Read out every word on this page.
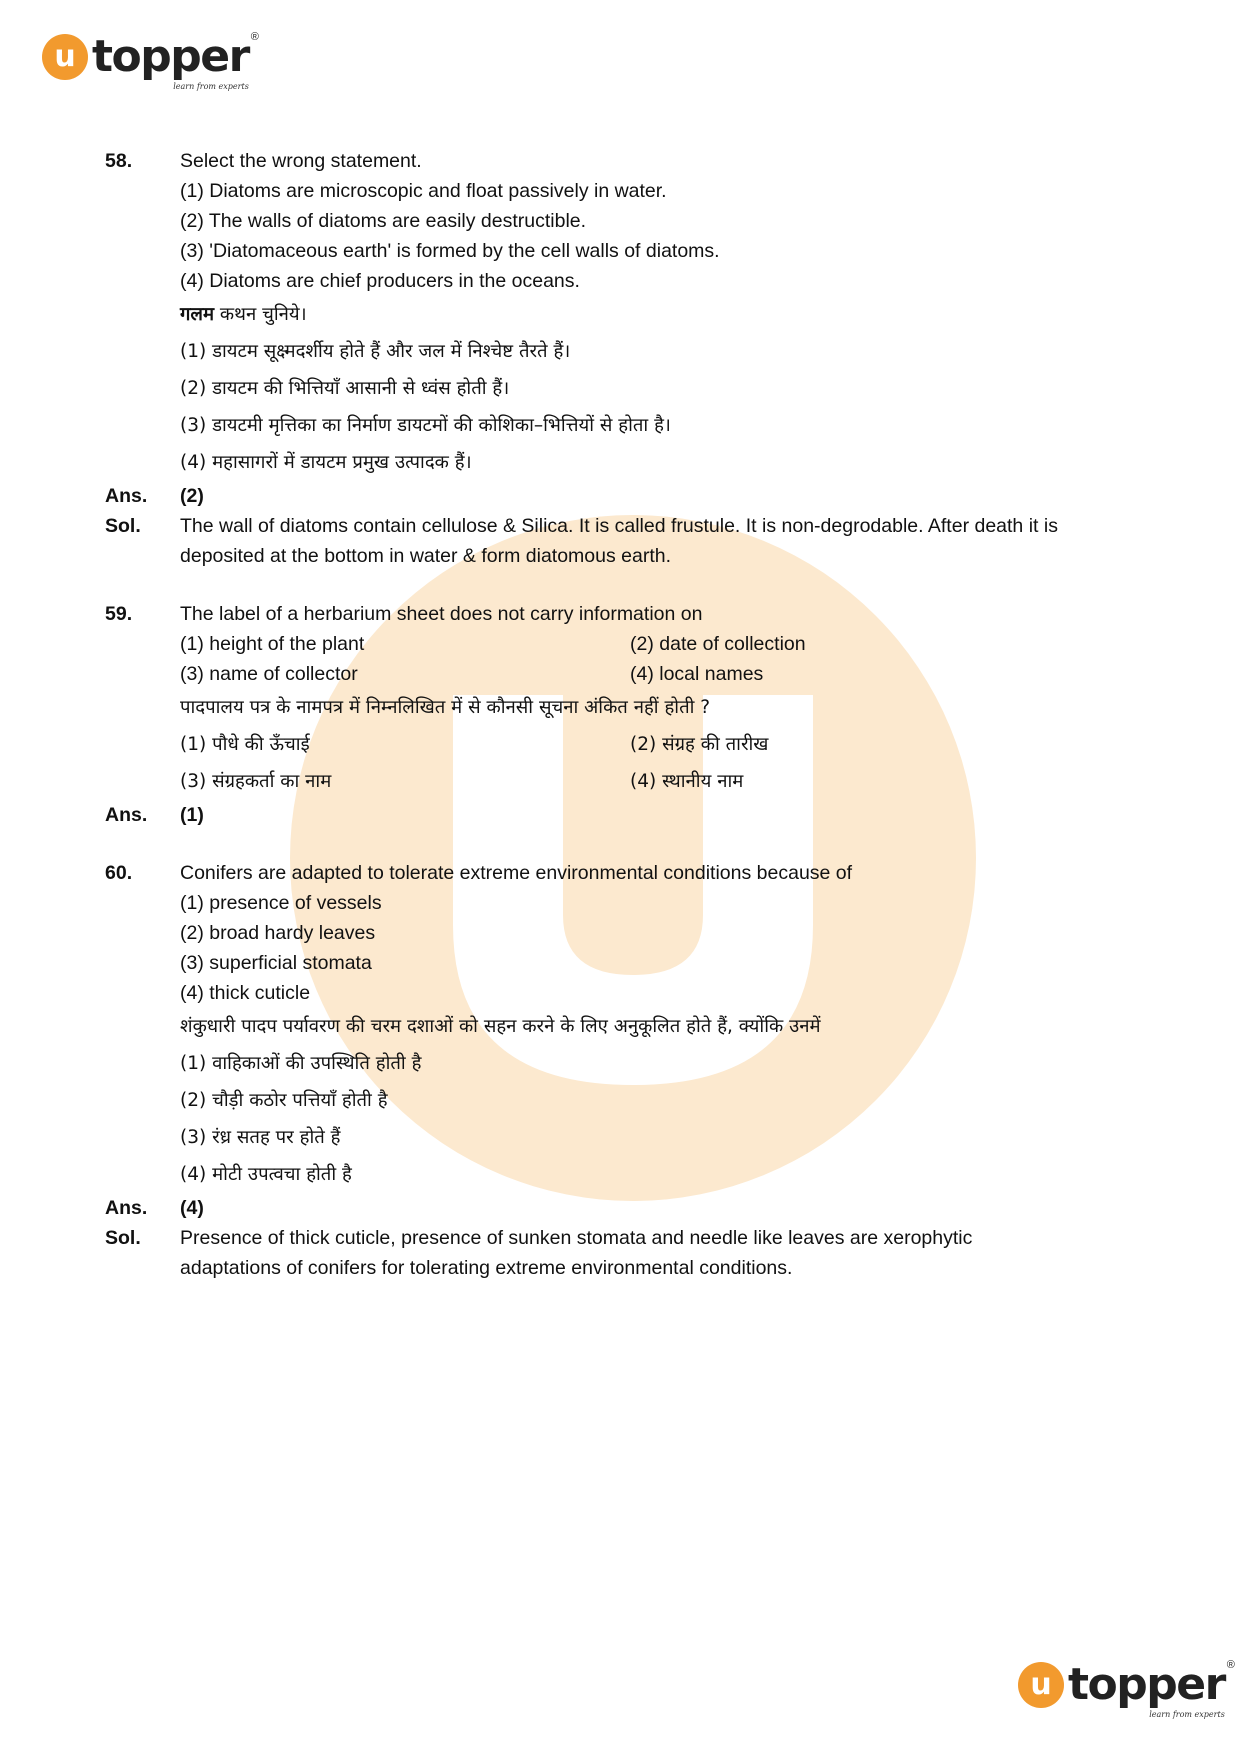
u topper ®
learn from experts
58. Select the wrong statement.
(1) Diatoms are microscopic and float passively in water.
(2) The walls of diatoms are easily destructible.
(3) 'Diatomaceous earth' is formed by the cell walls of diatoms.
(4) Diatoms are chief producers in the oceans.
गलम कथन चुनिये।
(1) डायटम सूक्ष्मदर्शीय होते हैं और जल में निश्चेष्ट तैरते हैं।
(2) डायटम की भित्तियाँ आसानी से ध्वंस होती हैं।
(3) डायटमी मृत्तिका का निर्माण डायटमों की कोशिका–भित्तियों से होता है।
(4) महासागरों में डायटम प्रमुख उत्पादक हैं।
Ans. (2)
Sol. The wall of diatoms contain cellulose & Silica. It is called frustule. It is non-degrodable. After death it is
deposited at the bottom in water & form diatomous earth.
59. The label of a herbarium sheet does not carry information on
(1) height of the plant	(2) date of collection
(3) name of collector	(4) local names
पादपालय पत्र के नामपत्र में निम्नलिखित में से कौनसी सूचना अंकित नहीं होती ?
(1) पौधे की ऊँचाई	(2) संग्रह की तारीख
(3) संग्रहकर्ता का नाम	(4) स्थानीय नाम
Ans. (1)
60. Conifers are adapted to tolerate extreme environmental conditions because of
(1) presence of vessels
(2) broad hardy leaves
(3) superficial stomata
(4) thick cuticle
शंकुधारी पादप पर्यावरण की चरम दशाओं को सहन करने के लिए अनुकूलित होते हैं, क्योंकि उनमें
(1) वाहिकाओं की उपस्थिति होती है
(2) चौड़ी कठोर पत्तियाँ होती है
(3) रंध्र सतह पर होते हैं
(4) मोटी उपत्वचा होती है
Ans. (4)
Sol. Presence of thick cuticle, presence of sunken stomata and needle like leaves are xerophytic
adaptations of conifers for tolerating extreme environmental conditions.
u topper ®
learn from experts
